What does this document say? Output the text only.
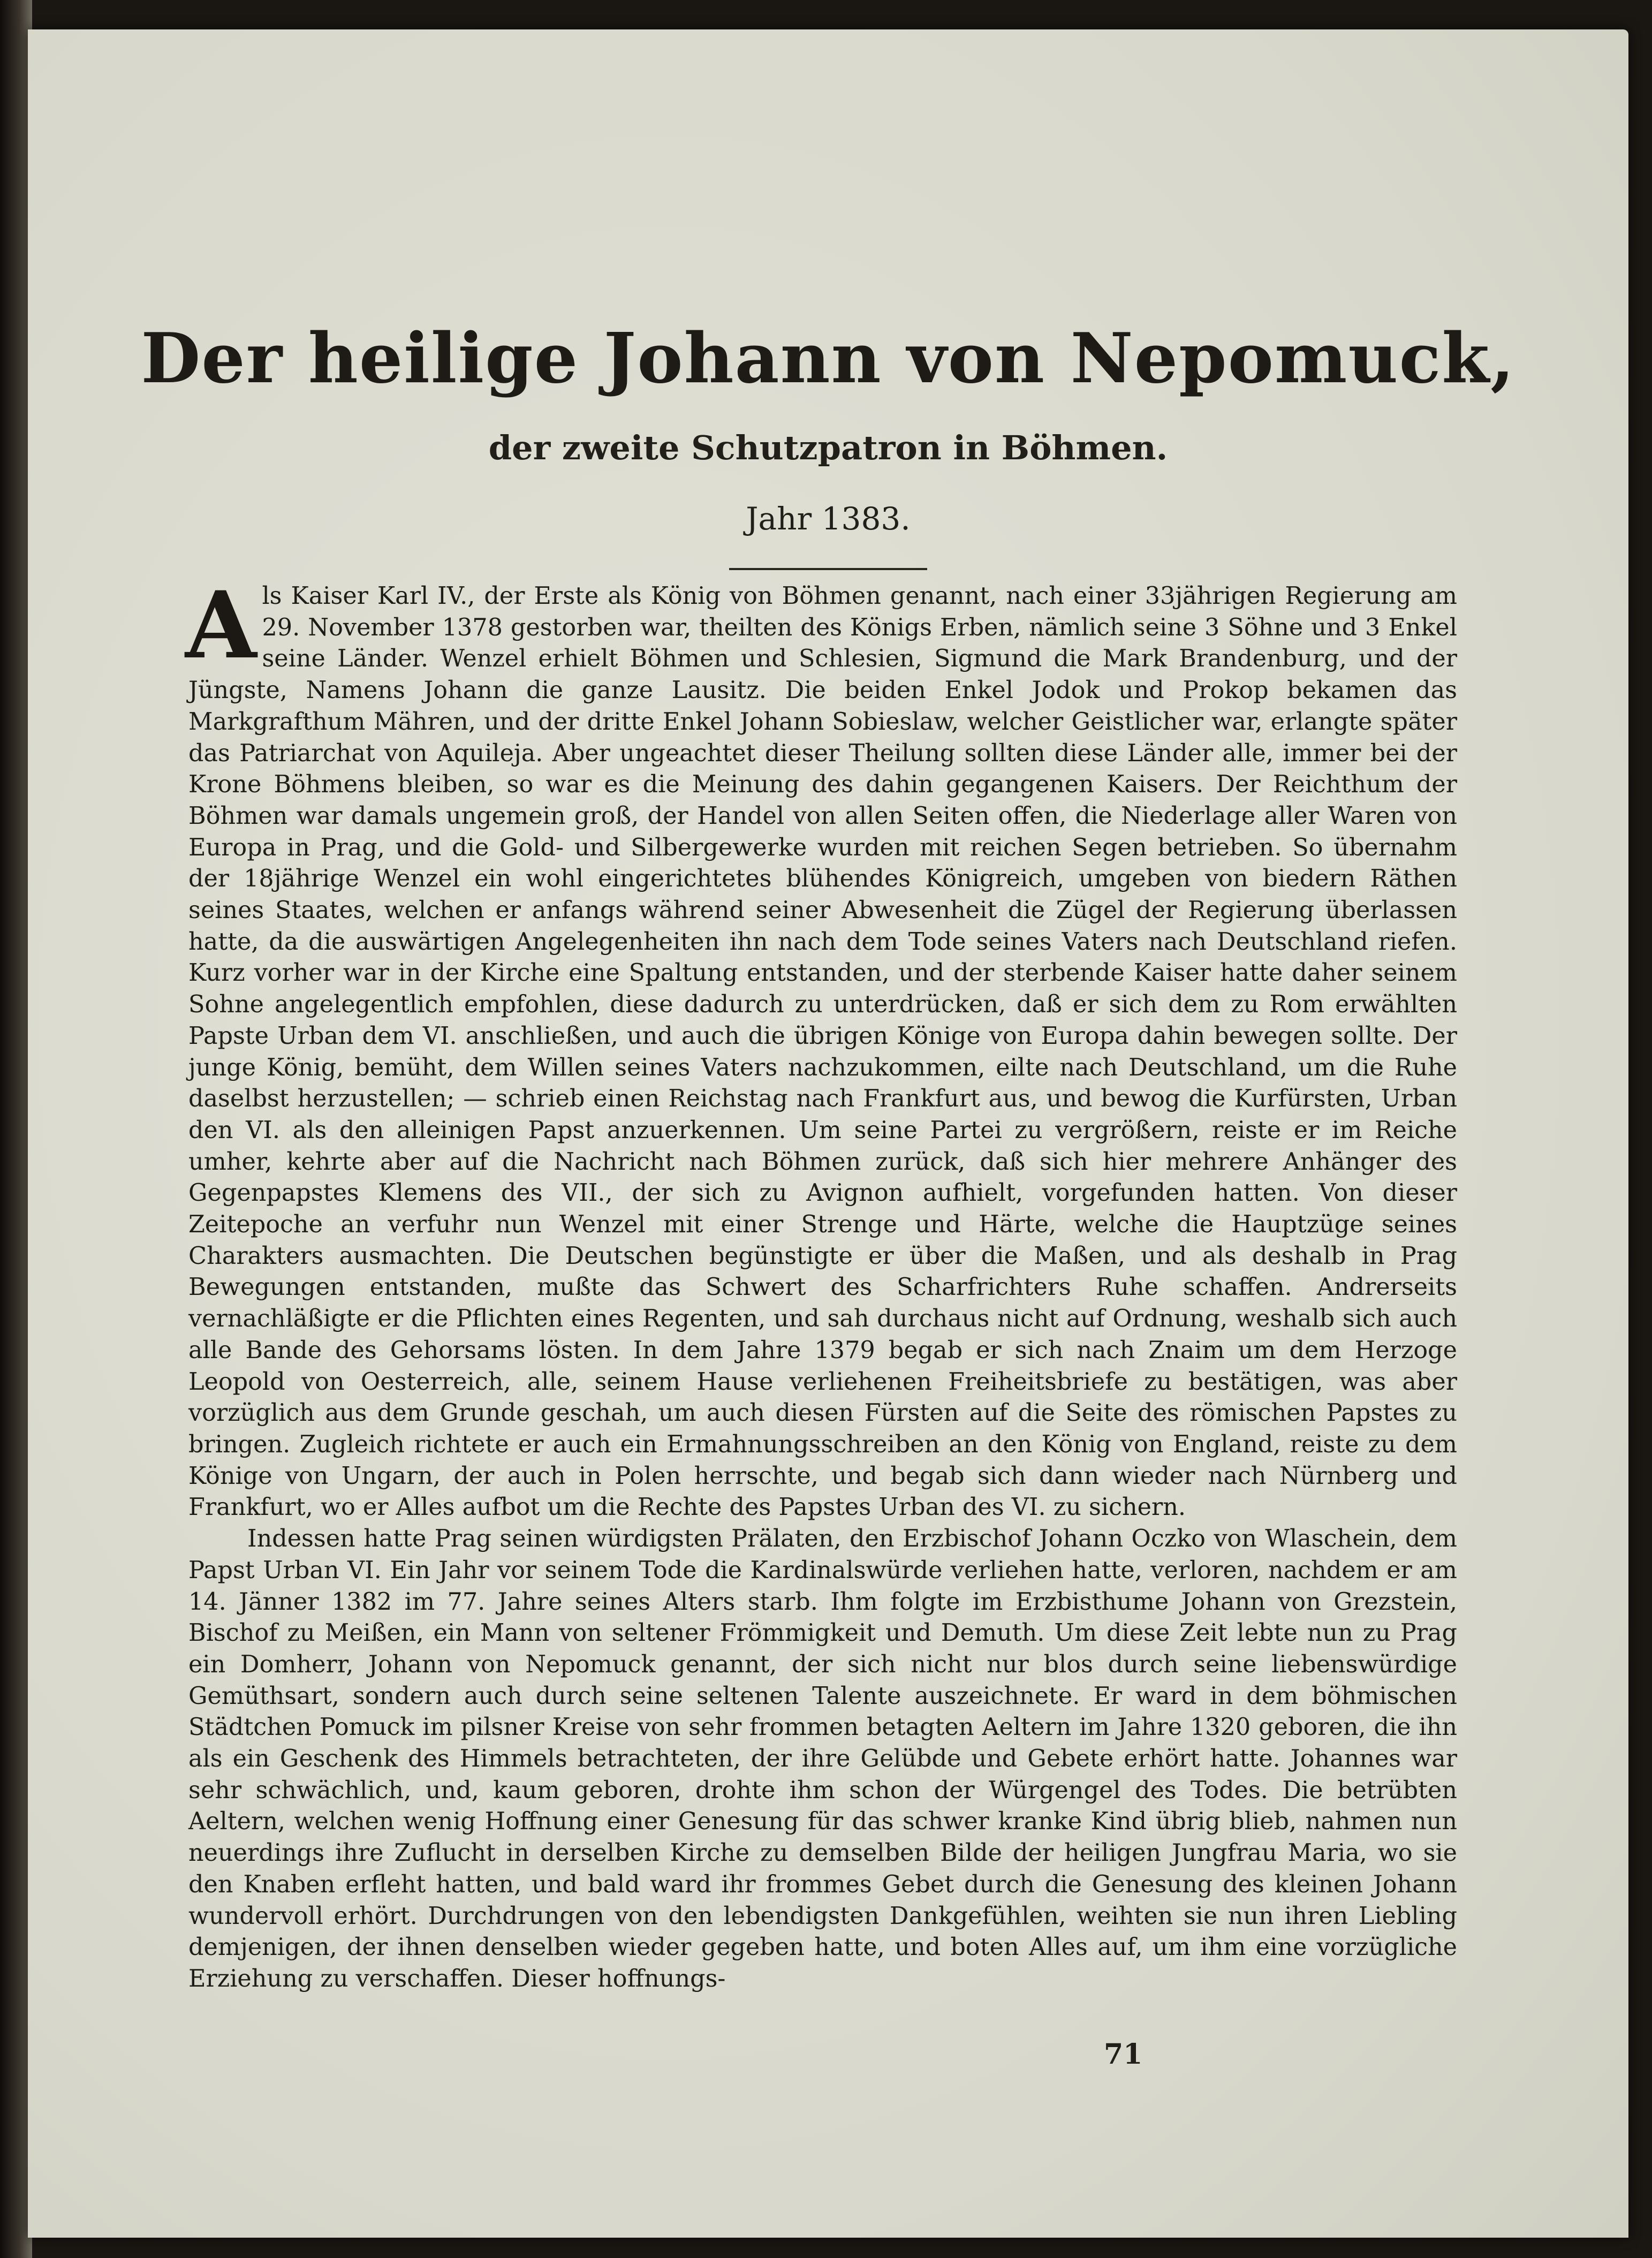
Der heilige Johann von Nepomuck,
der zweite Schutzpatron in Böhmen.
Jahr 1383.

Als Kaiser Karl IV., der Erste als König von Böhmen genannt, nach einer 33jährigen Regierung am 29. November 1378 gestorben war, theilten des Königs Erben, nämlich seine 3 Söhne und 3 Enkel seine Länder. Wenzel erhielt Böhmen und Schlesien, Sigmund die Mark Brandenburg, und der Jüngste, Namens Johann die ganze Lausitz. Die beiden Enkel Jodok und Prokop bekamen das Markgrafthum Mähren, und der dritte Enkel Johann Sobieslaw, welcher Geistlicher war, erlangte später das Patriarchat von Aquileja. Aber ungeachtet dieser Theilung sollten diese Länder alle, immer bei der Krone Böhmens bleiben, so war es die Meinung des dahin gegangenen Kaisers. Der Reichthum der Böhmen war damals ungemein groß, der Handel von allen Seiten offen, die Niederlage aller Waren von Europa in Prag, und die Gold- und Silbergewerke wurden mit reichen Segen betrieben. So übernahm der 18jährige Wenzel ein wohl eingerichtetes blühendes Königreich, umgeben von biedern Räthen seines Staates, welchen er anfangs während seiner Abwesenheit die Zügel der Regierung überlassen hatte, da die auswärtigen Angelegenheiten ihn nach dem Tode seines Vaters nach Deutschland riefen. Kurz vorher war in der Kirche eine Spaltung entstanden, und der sterbende Kaiser hatte daher seinem Sohne angelegentlich empfohlen, diese dadurch zu unterdrücken, daß er sich dem zu Rom erwählten Papste Urban dem VI. anschließen, und auch die übrigen Könige von Europa dahin bewegen sollte. Der junge König, bemüht, dem Willen seines Vaters nachzukommen, eilte nach Deutschland, um die Ruhe daselbst herzustellen; — schrieb einen Reichstag nach Frankfurt aus, und bewog die Kurfürsten, Urban den VI. als den alleinigen Papst anzuerkennen. Um seine Partei zu vergrößern, reiste er im Reiche umher, kehrte aber auf die Nachricht nach Böhmen zurück, daß sich hier mehrere Anhänger des Gegenpapstes Klemens des VII., der sich zu Avignon aufhielt, vorgefunden hatten. Von dieser Zeitepoche an verfuhr nun Wenzel mit einer Strenge und Härte, welche die Hauptzüge seines Charakters ausmachten. Die Deutschen begünstigte er über die Maßen, und als deshalb in Prag Bewegungen entstanden, mußte das Schwert des Scharfrichters Ruhe schaffen. Andrerseits vernachläßigte er die Pflichten eines Regenten, und sah durchaus nicht auf Ordnung, weshalb sich auch alle Bande des Gehorsams lösten. In dem Jahre 1379 begab er sich nach Znaim um dem Herzoge Leopold von Oesterreich, alle, seinem Hause verliehenen Freiheitsbriefe zu bestätigen, was aber vorzüglich aus dem Grunde geschah, um auch diesen Fürsten auf die Seite des römischen Papstes zu bringen. Zugleich richtete er auch ein Ermahnungsschreiben an den König von England, reiste zu dem Könige von Ungarn, der auch in Polen herrschte, und begab sich dann wieder nach Nürnberg und Frankfurt, wo er Alles aufbot um die Rechte des Papstes Urban des VI. zu sichern.

Indessen hatte Prag seinen würdigsten Prälaten, den Erzbischof Johann Oczko von Wlaschein, dem Papst Urban VI. Ein Jahr vor seinem Tode die Kardinalswürde verliehen hatte, verloren, nachdem er am 14. Jänner 1382 im 77. Jahre seines Alters starb. Ihm folgte im Erzbisthume Johann von Grezstein, Bischof zu Meißen, ein Mann von seltener Frömmigkeit und Demuth. Um diese Zeit lebte nun zu Prag ein Domherr, Johann von Nepomuck genannt, der sich nicht nur blos durch seine liebenswürdige Gemüthsart, sondern auch durch seine seltenen Talente auszeichnete. Er ward in dem böhmischen Städtchen Pomuck im pilsner Kreise von sehr frommen betagten Aeltern im Jahre 1320 geboren, die ihn als ein Geschenk des Himmels betrachteten, der ihre Gelübde und Gebete erhört hatte. Johannes war sehr schwächlich, und, kaum geboren, drohte ihm schon der Würgengel des Todes. Die betrübten Aeltern, welchen wenig Hoffnung einer Genesung für das schwer kranke Kind übrig blieb, nahmen nun neuerdings ihre Zuflucht in derselben Kirche zu demselben Bilde der heiligen Jungfrau Maria, wo sie den Knaben erfleht hatten, und bald ward ihr frommes Gebet durch die Genesung des kleinen Johann wundervoll erhört. Durchdrungen von den lebendigsten Dankgefühlen, weihten sie nun ihren Liebling demjenigen, der ihnen denselben wieder gegeben hatte, und boten Alles auf, um ihm eine vorzügliche Erziehung zu verschaffen. Dieser hoffnungs-

71
